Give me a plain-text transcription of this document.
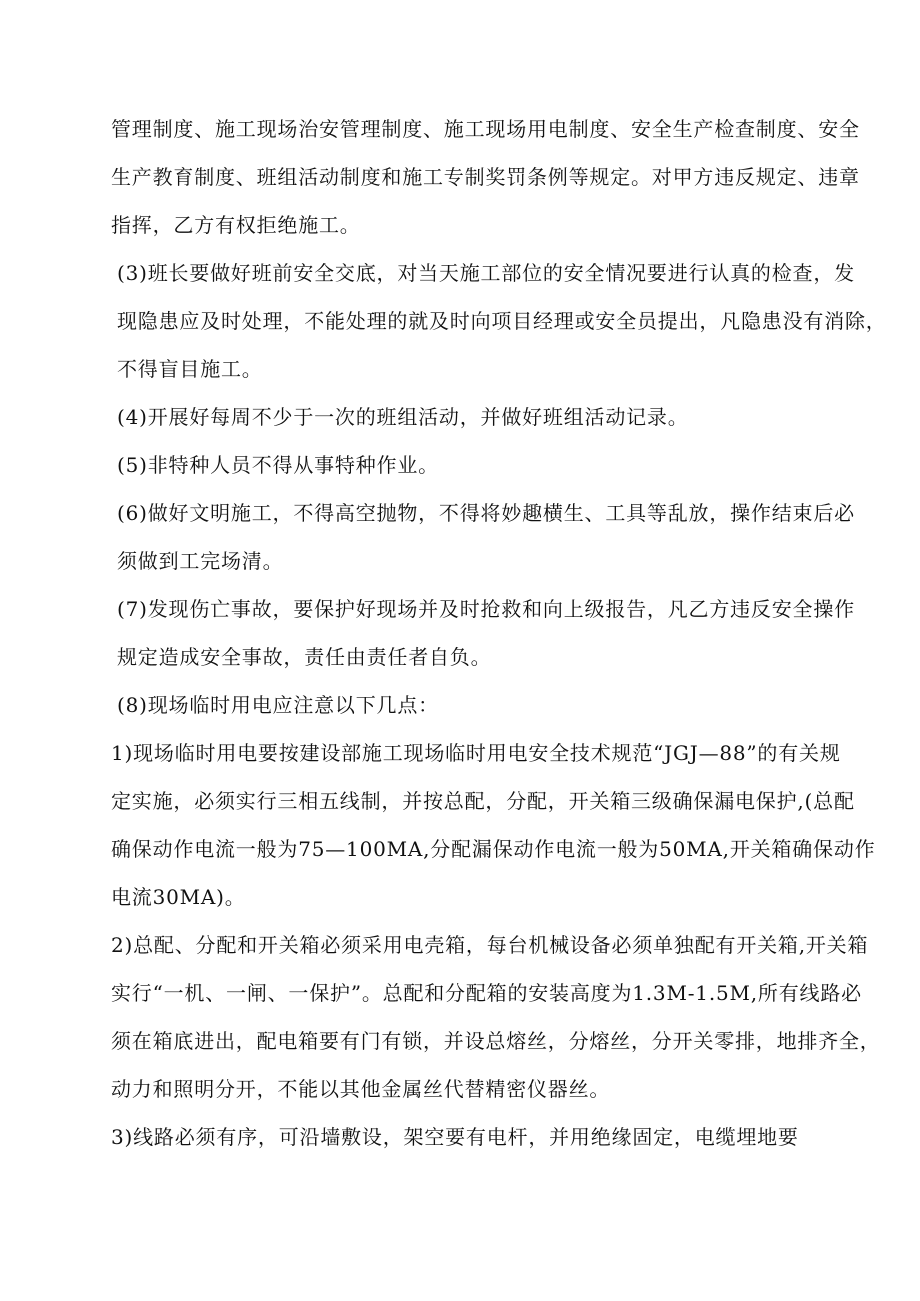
管理制度、施工现场治安管理制度、施工现场用电制度、安全生产检查制度、安全
生产教育制度、班组活动制度和施工专制奖罚条例等规定。对甲方违反规定、违章
指挥，乙方有权拒绝施工。
(3)班长要做好班前安全交底，对当天施工部位的安全情况要进行认真的检查，发
现隐患应及时处理，不能处理的就及时向项目经理或安全员提出，凡隐患没有消除，
不得盲目施工。
(4)开展好每周不少于一次的班组活动，并做好班组活动记录。
(5)非特种人员不得从事特种作业。
(6)做好文明施工，不得高空抛物，不得将妙趣横生、工具等乱放，操作结束后必
须做到工完场清。
(7)发现伤亡事故，要保护好现场并及时抢救和向上级报告，凡乙方违反安全操作
规定造成安全事故，责任由责任者自负。
(8)现场临时用电应注意以下几点：
1)现场临时用电要按建设部施工现场临时用电安全技术规范“JGJ—88”的有关规
定实施，必须实行三相五线制，并按总配，分配，开关箱三级确保漏电保护,(总配
确保动作电流一般为75—100MA,分配漏保动作电流一般为50MA,开关箱确保动作
电流30MA)。
2)总配、分配和开关箱必须采用电壳箱，每台机械设备必须单独配有开关箱,开关箱
实行“一机、一闸、一保护”。总配和分配箱的安装高度为1.3M-1.5M,所有线路必
须在箱底进出，配电箱要有门有锁，并设总熔丝，分熔丝，分开关零排，地排齐全，
动力和照明分开，不能以其他金属丝代替精密仪器丝。
3)线路必须有序，可沿墙敷设，架空要有电杆，并用绝缘固定，电缆埋地要
